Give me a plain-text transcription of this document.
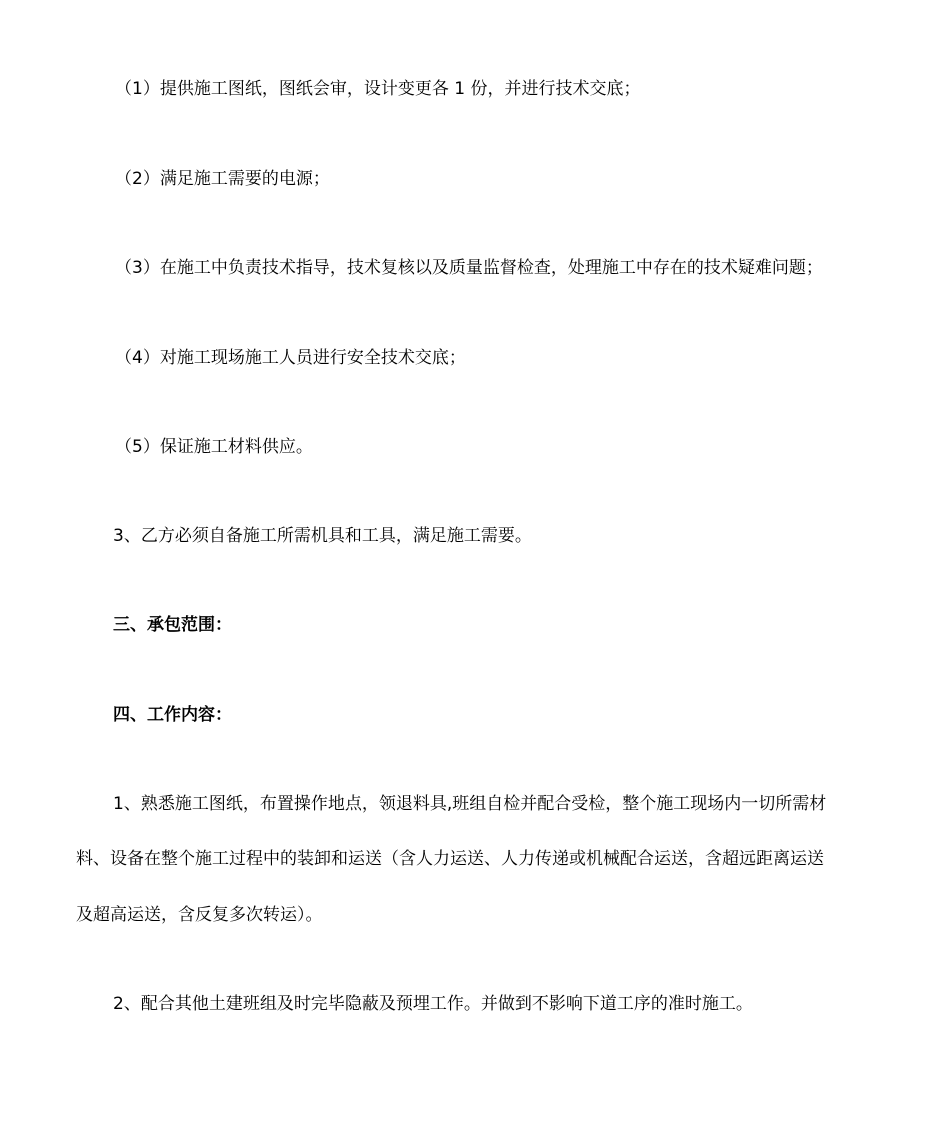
（1）提供施工图纸，图纸会审，设计变更各 1 份，并进行技术交底；
（2）满足施工需要的电源；
（3）在施工中负责技术指导，技术复核以及质量监督检查，处理施工中存在的技术疑难问题；
（4）对施工现场施工人员进行安全技术交底；
（5）保证施工材料供应。
3、乙方必须自备施工所需机具和工具，满足施工需要。
三、承包范围：
四、工作内容：
1、熟悉施工图纸，布置操作地点，领退料具,班组自检并配合受检，整个施工现场内一切所需材
料、设备在整个施工过程中的装卸和运送（含人力运送、人力传递或机械配合运送，含超远距离运送
及超高运送，含反复多次转运）。
2、配合其他土建班组及时完毕隐蔽及预埋工作。并做到不影响下道工序的准时施工。
